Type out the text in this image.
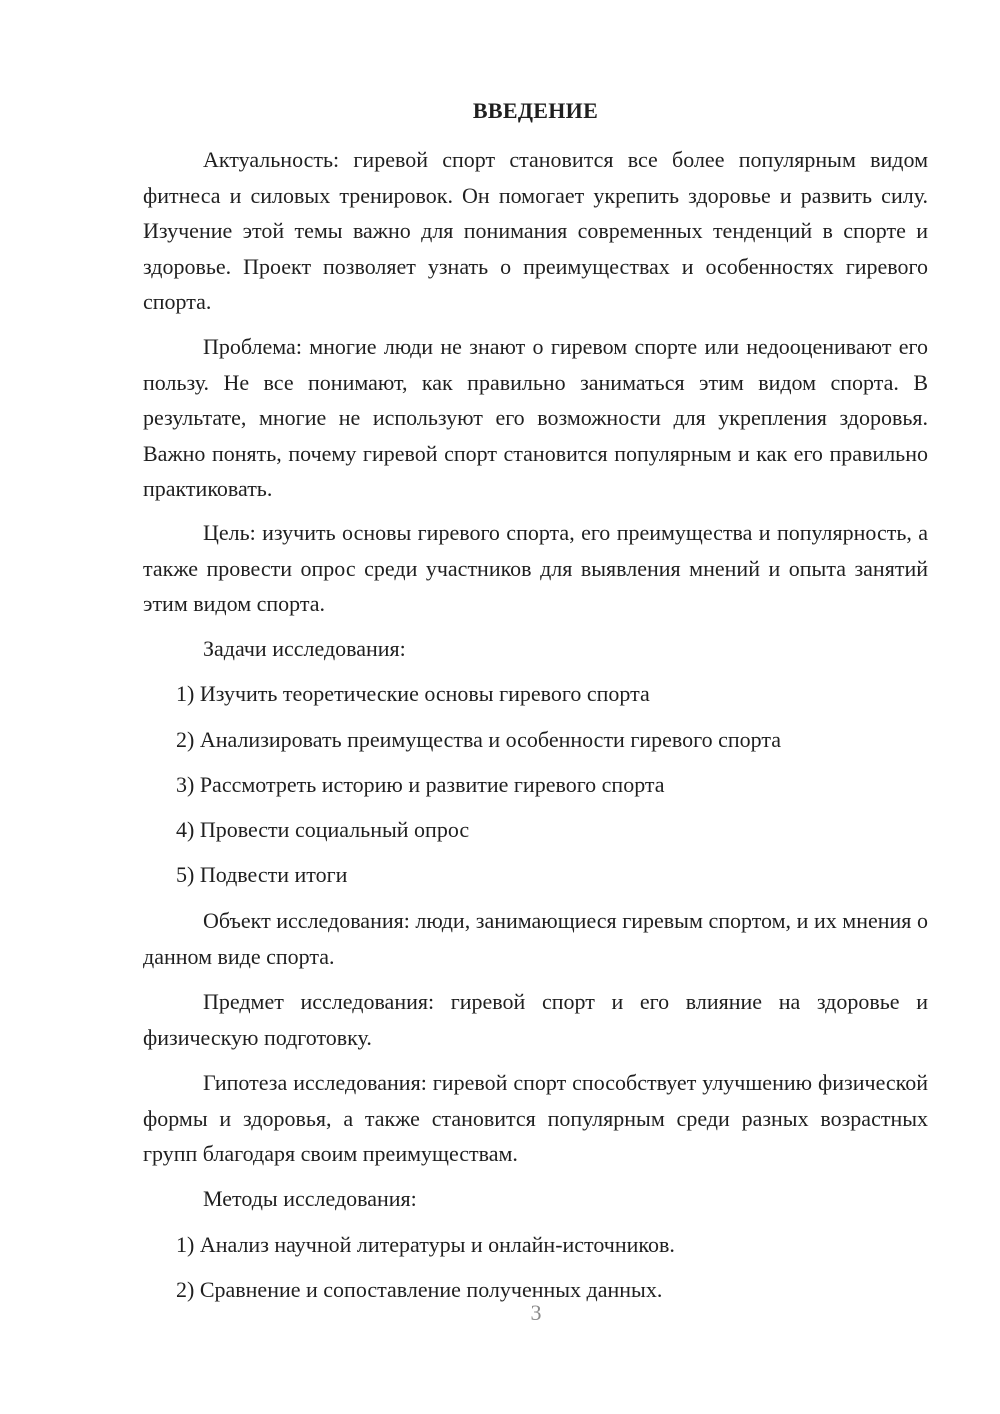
ВВЕДЕНИЕ

Актуальность: гиревой спорт становится все более популярным видом фитнеса и силовых тренировок. Он помогает укрепить здоровье и развить силу. Изучение этой темы важно для понимания современных тенденций в спорте и здоровье. Проект позволяет узнать о преимуществах и особенностях гиревого спорта.

Проблема: многие люди не знают о гиревом спорте или недооценивают его пользу. Не все понимают, как правильно заниматься этим видом спорта. В результате, многие не используют его возможности для укрепления здоровья. Важно понять, почему гиревой спорт становится популярным и как его правильно практиковать.

Цель: изучить основы гиревого спорта, его преимущества и популярность, а также провести опрос среди участников для выявления мнений и опыта занятий этим видом спорта.

Задачи исследования:

1) Изучить теоретические основы гиревого спорта

2) Анализировать преимущества и особенности гиревого спорта

3) Рассмотреть историю и развитие гиревого спорта

4) Провести социальный опрос

5) Подвести итоги

Объект исследования: люди, занимающиеся гиревым спортом, и их мнения о данном виде спорта.

Предмет исследования: гиревой спорт и его влияние на здоровье и физическую подготовку.

Гипотеза исследования: гиревой спорт способствует улучшению физической формы и здоровья, а также становится популярным среди разных возрастных групп благодаря своим преимуществам.

Методы исследования:

1) Анализ научной литературы и онлайн-источников.

2) Сравнение и сопоставление полученных данных.

3
